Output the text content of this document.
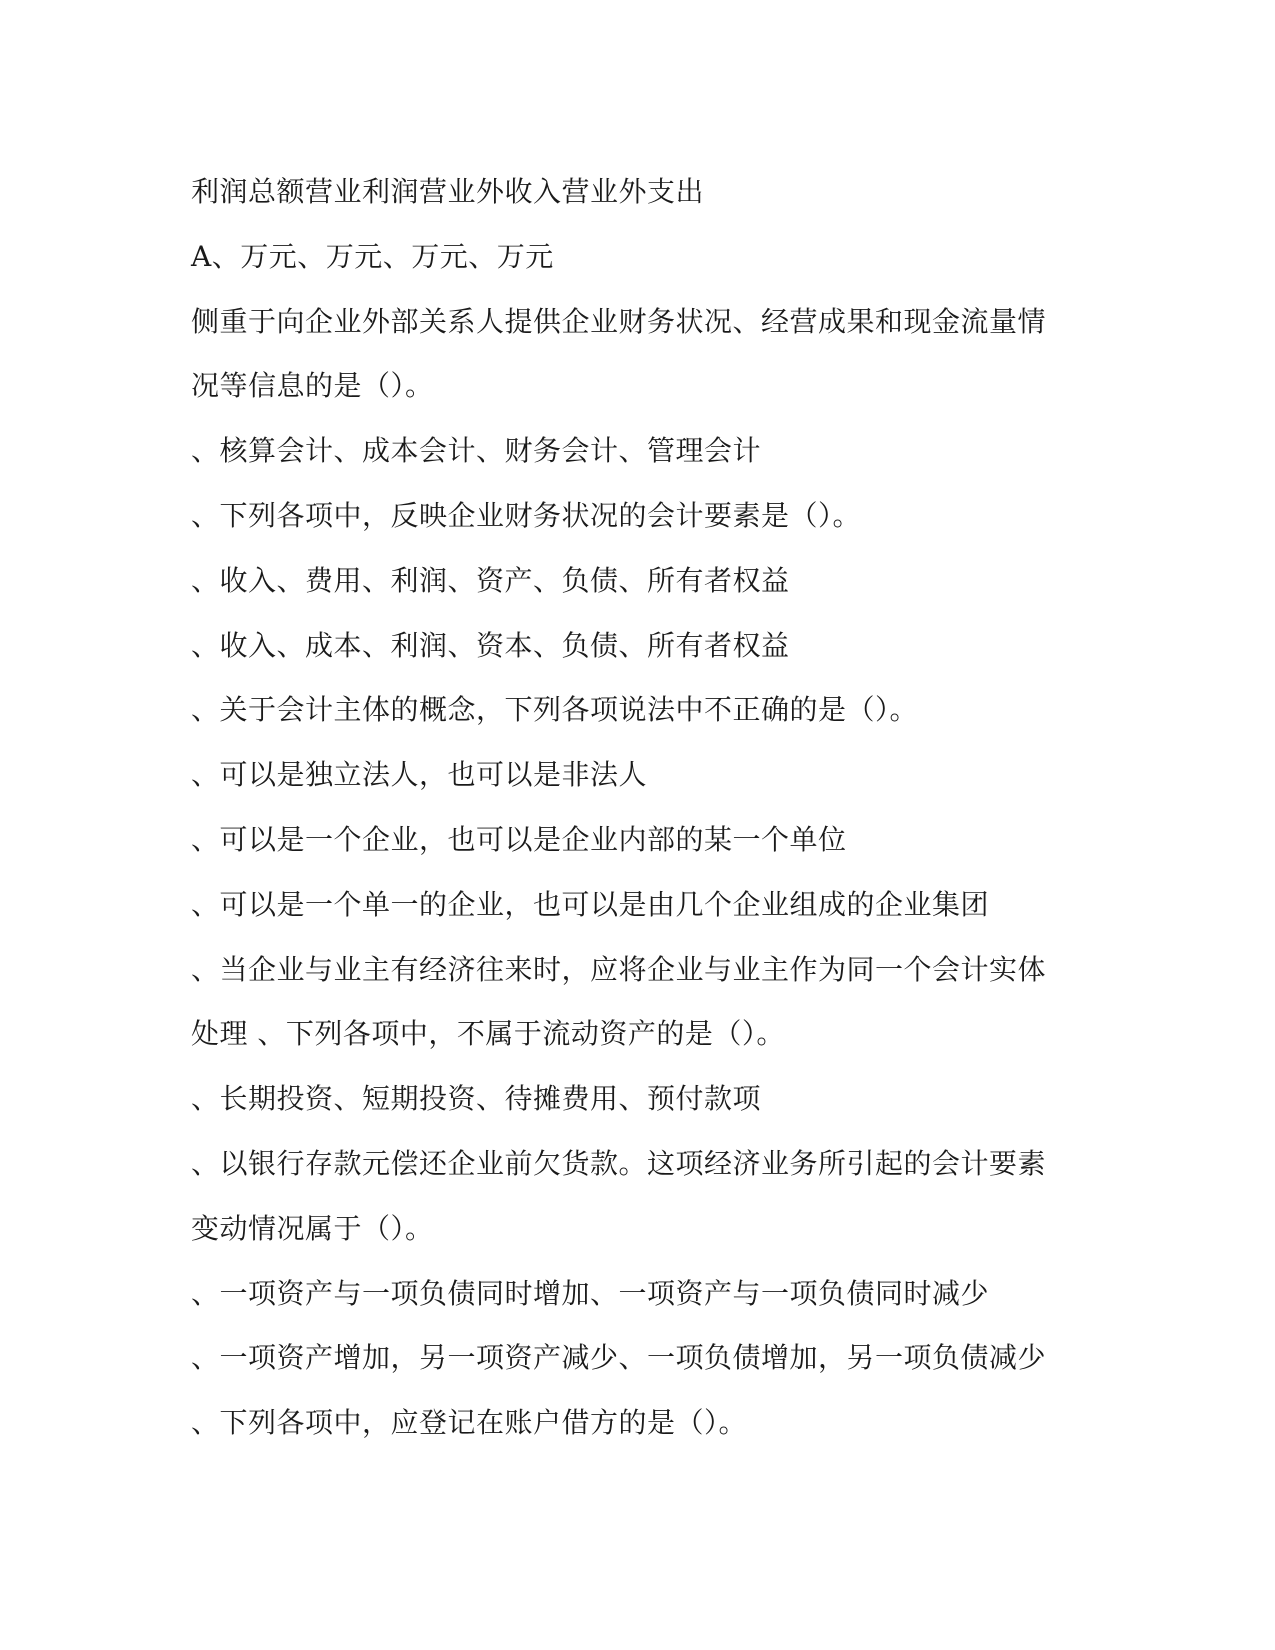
利润总额营业利润营业外收入营业外支出
A、万元、万元、万元、万元
侧重于向企业外部关系人提供企业财务状况、经营成果和现金流量情
况等信息的是（）。
、核算会计、成本会计、财务会计、管理会计
、下列各项中，反映企业财务状况的会计要素是（）。
、收入、费用、利润、资产、负债、所有者权益
、收入、成本、利润、资本、负债、所有者权益
、关于会计主体的概念，下列各项说法中不正确的是（）。
、可以是独立法人，也可以是非法人
、可以是一个企业，也可以是企业内部的某一个单位
、可以是一个单一的企业，也可以是由几个企业组成的企业集团
、当企业与业主有经济往来时，应将企业与业主作为同一个会计实体
处理 、下列各项中，不属于流动资产的是（）。
、长期投资、短期投资、待摊费用、预付款项
、以银行存款元偿还企业前欠货款。这项经济业务所引起的会计要素
变动情况属于（）。
、一项资产与一项负债同时增加、一项资产与一项负债同时减少
、一项资产增加，另一项资产减少、一项负债增加，另一项负债减少
、下列各项中，应登记在账户借方的是（）。
